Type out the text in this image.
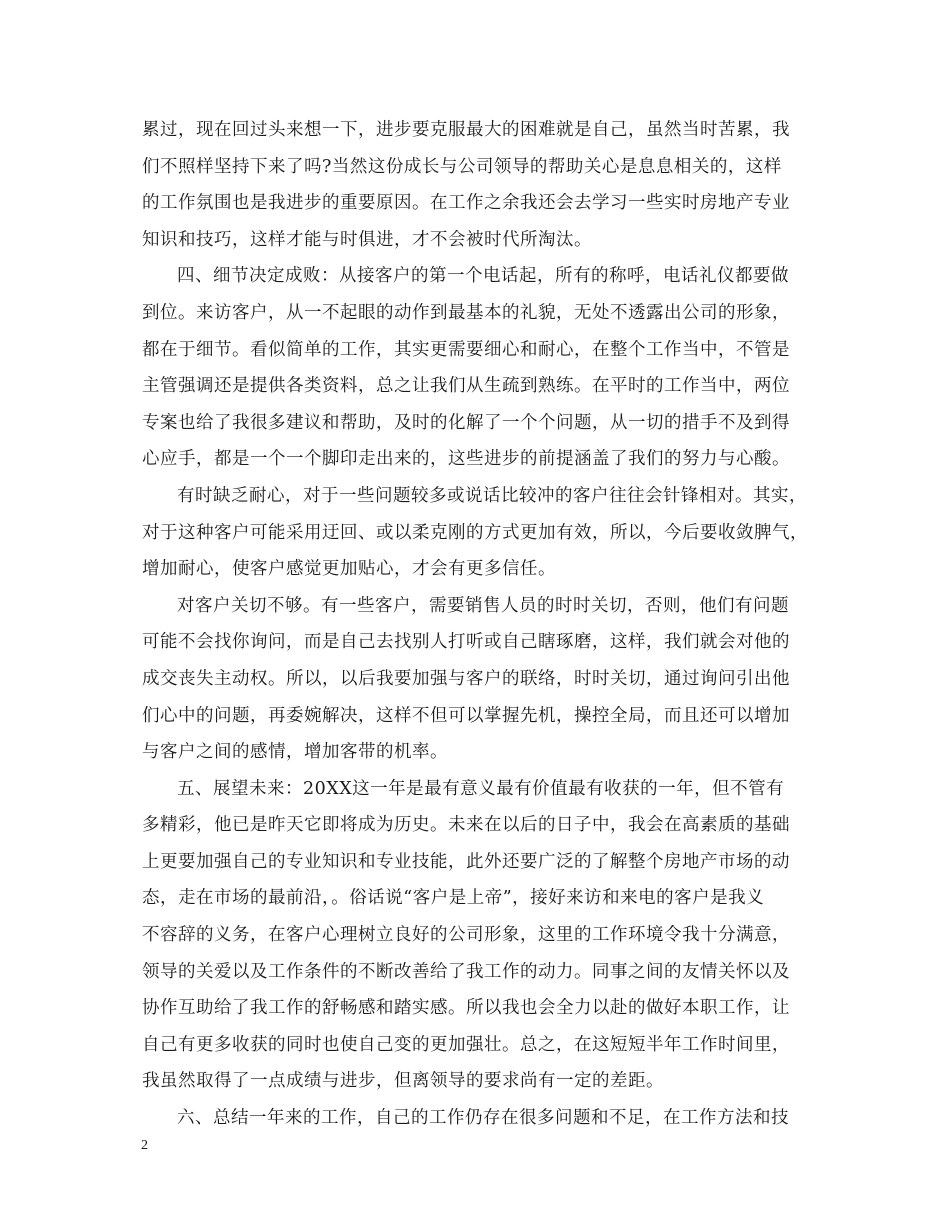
累过，现在回过头来想一下，进步要克服最大的困难就是自己，虽然当时苦累，我
们不照样坚持下来了吗?当然这份成长与公司领导的帮助关心是息息相关的，这样
的工作氛围也是我进步的重要原因。在工作之余我还会去学习一些实时房地产专业
知识和技巧，这样才能与时俱进，才不会被时代所淘汰。
四、细节决定成败：从接客户的第一个电话起，所有的称呼，电话礼仪都要做
到位。来访客户，从一不起眼的动作到最基本的礼貌，无处不透露出公司的形象，
都在于细节。看似简单的工作，其实更需要细心和耐心，在整个工作当中，不管是
主管强调还是提供各类资料，总之让我们从生疏到熟练。在平时的工作当中，两位
专案也给了我很多建议和帮助，及时的化解了一个个问题，从一切的措手不及到得
心应手，都是一个一个脚印走出来的，这些进步的前提涵盖了我们的努力与心酸。
有时缺乏耐心，对于一些问题较多或说话比较冲的客户往往会针锋相对。其实，
对于这种客户可能采用迂回、或以柔克刚的方式更加有效，所以，今后要收敛脾气，
增加耐心，使客户感觉更加贴心，才会有更多信任。
对客户关切不够。有一些客户，需要销售人员的时时关切，否则，他们有问题
可能不会找你询问，而是自己去找别人打听或自己瞎琢磨，这样，我们就会对他的
成交丧失主动权。所以，以后我要加强与客户的联络，时时关切，通过询问引出他
们心中的问题，再委婉解决，这样不但可以掌握先机，操控全局，而且还可以增加
与客户之间的感情，增加客带的机率。
五、展望未来：20XX这一年是最有意义最有价值最有收获的一年，但不管有
多精彩，他已是昨天它即将成为历史。未来在以后的日子中，我会在高素质的基础
上更要加强自己的专业知识和专业技能，此外还要广泛的了解整个房地产市场的动
态，走在市场的最前沿，。俗话说“客户是上帝”，接好来访和来电的客户是我义
不容辞的义务，在客户心理树立良好的公司形象，这里的工作环境令我十分满意，
领导的关爱以及工作条件的不断改善给了我工作的动力。同事之间的友情关怀以及
协作互助给了我工作的舒畅感和踏实感。所以我也会全力以赴的做好本职工作，让
自己有更多收获的同时也使自己变的更加强壮。总之，在这短短半年工作时间里，
我虽然取得了一点成绩与进步，但离领导的要求尚有一定的差距。
六、总结一年来的工作，自己的工作仍存在很多问题和不足，在工作方法和技
2
